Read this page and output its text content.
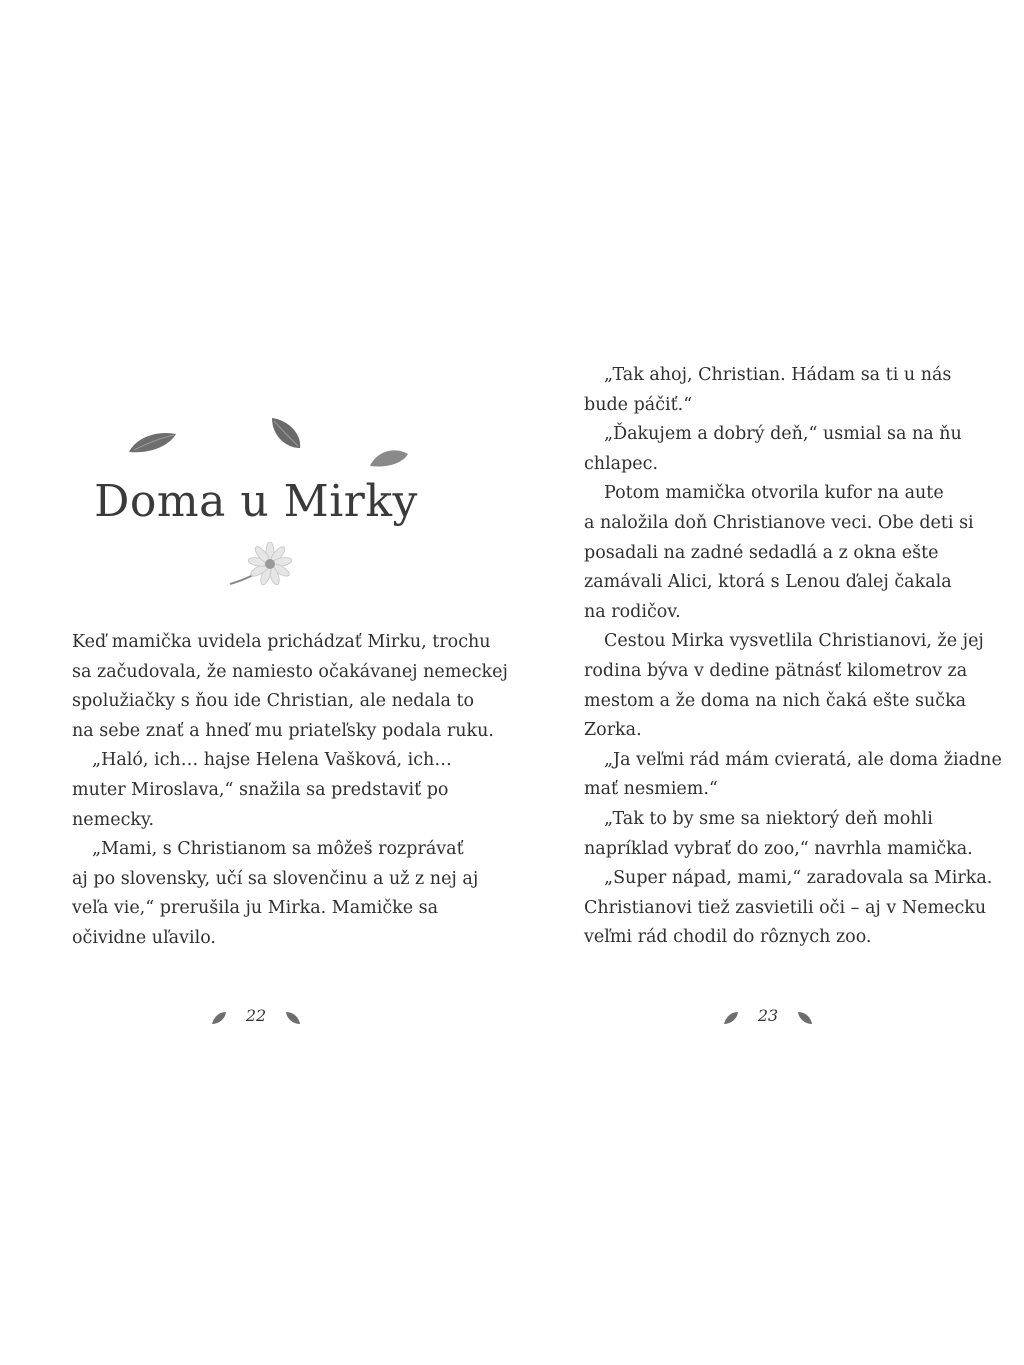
Doma u Mirky
Keď mamička uvidela prichádzať Mirku, trochu
sa začudovala, že namiesto očakávanej nemeckej
spolužiačky s ňou ide Christian, ale nedala to
na sebe znať a hneď mu priateľsky podala ruku.
„Haló, ich… hajse Helena Vašková, ich…
muter Miroslava,“ snažila sa predstaviť po
nemecky.
„Mami, s Christianom sa môžeš rozprávať
aj po slovensky, učí sa slovenčinu a už z nej aj
veľa vie,“ prerušila ju Mirka. Mamičke sa
očividne uľavilo.
22
„Tak ahoj, Christian. Hádam sa ti u nás
bude páčiť.“
„Ďakujem a dobrý deň,“ usmial sa na ňu
chlapec.
Potom mamička otvorila kufor na aute
a naložila doň Christianove veci. Obe deti si
posadali na zadné sedadlá a z okna ešte
zamávali Alici, ktorá s Lenou ďalej čakala
na rodičov.
Cestou Mirka vysvetlila Christianovi, že jej
rodina býva v dedine pätnásť kilometrov za
mestom a že doma na nich čaká ešte sučka
Zorka.
„Ja veľmi rád mám cvieratá, ale doma žiadne
mať nesmiem.“
„Tak to by sme sa niektorý deň mohli
napríklad vybrať do zoo,“ navrhla mamička.
„Super nápad, mami,“ zaradovala sa Mirka.
Christianovi tiež zasvietili oči – aj v Nemecku
veľmi rád chodil do rôznych zoo.
23
